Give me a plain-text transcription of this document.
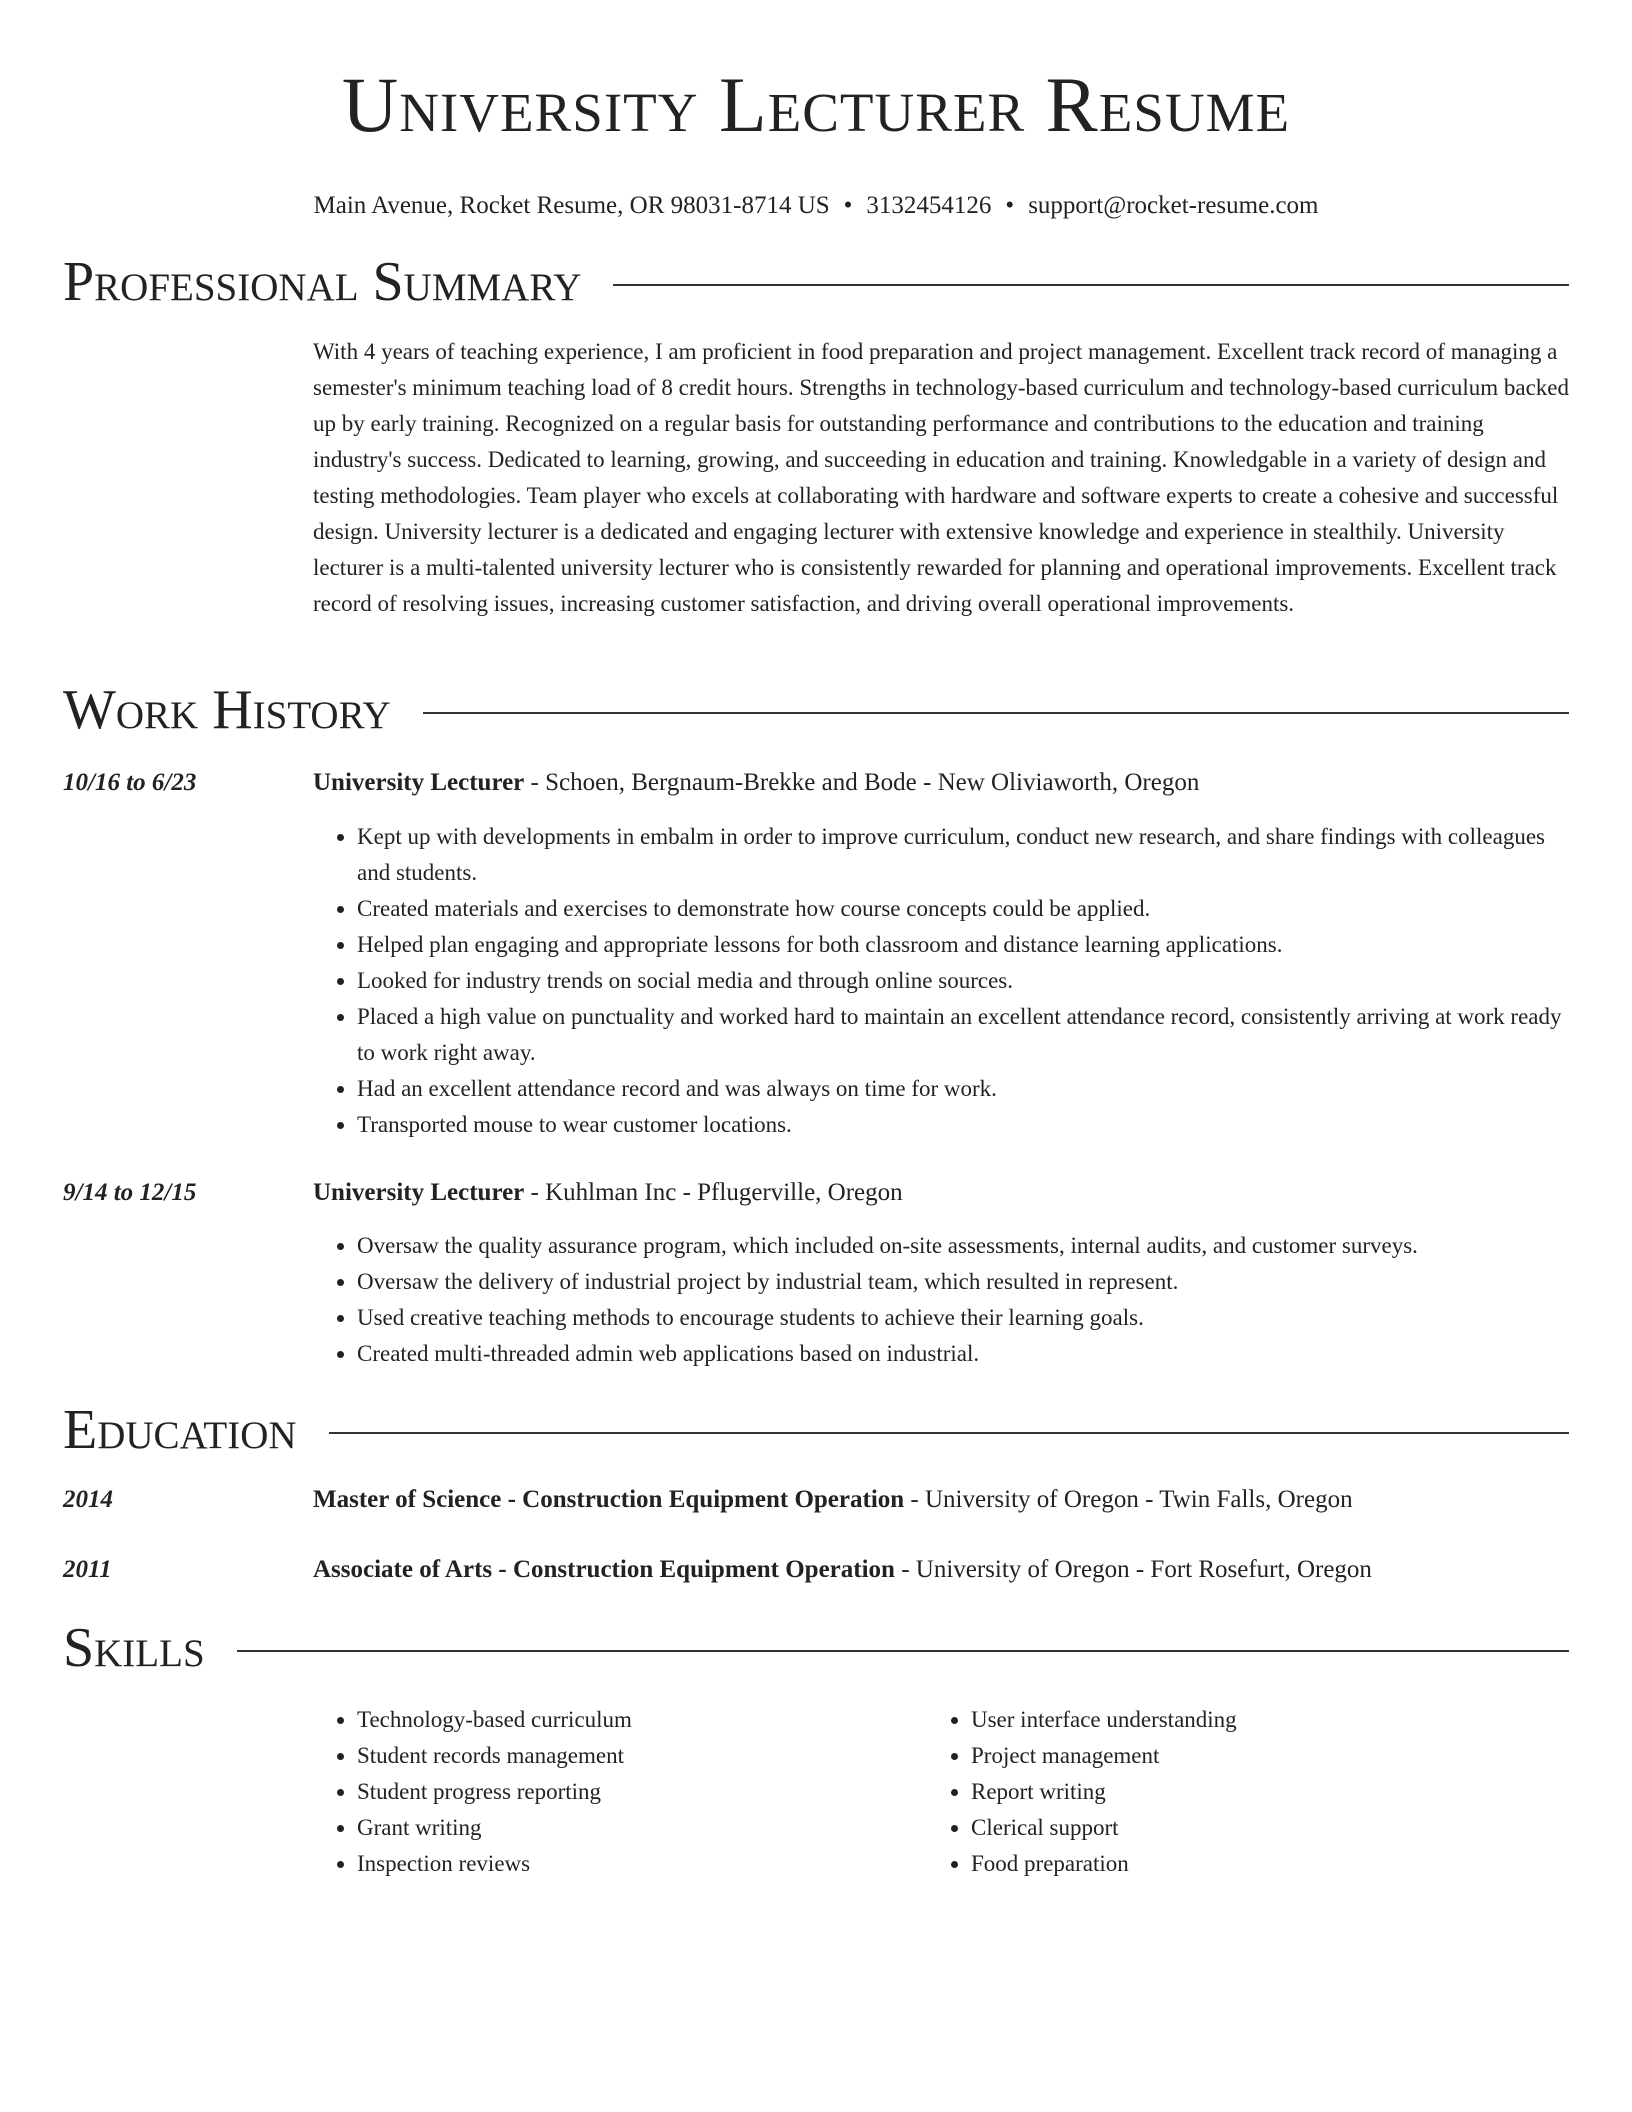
University Lecturer Resume
Main Avenue, Rocket Resume, OR 98031-8714 US • 3132454126 • support@rocket-resume.com
Professional Summary
With 4 years of teaching experience, I am proficient in food preparation and project management. Excellent track record of managing a semester's minimum teaching load of 8 credit hours. Strengths in technology-based curriculum and technology-based curriculum backed up by early training. Recognized on a regular basis for outstanding performance and contributions to the education and training industry's success. Dedicated to learning, growing, and succeeding in education and training. Knowledgable in a variety of design and testing methodologies. Team player who excels at collaborating with hardware and software experts to create a cohesive and successful design. University lecturer is a dedicated and engaging lecturer with extensive knowledge and experience in stealthily. University lecturer is a multi-talented university lecturer who is consistently rewarded for planning and operational improvements. Excellent track record of resolving issues, increasing customer satisfaction, and driving overall operational improvements.
Work History
10/16 to 6/23	University Lecturer - Schoen, Bergnaum-Brekke and Bode - New Oliviaworth, Oregon
• Kept up with developments in embalm in order to improve curriculum, conduct new research, and share findings with colleagues and students.
• Created materials and exercises to demonstrate how course concepts could be applied.
• Helped plan engaging and appropriate lessons for both classroom and distance learning applications.
• Looked for industry trends on social media and through online sources.
• Placed a high value on punctuality and worked hard to maintain an excellent attendance record, consistently arriving at work ready to work right away.
• Had an excellent attendance record and was always on time for work.
• Transported mouse to wear customer locations.
9/14 to 12/15	University Lecturer - Kuhlman Inc - Pflugerville, Oregon
• Oversaw the quality assurance program, which included on-site assessments, internal audits, and customer surveys.
• Oversaw the delivery of industrial project by industrial team, which resulted in represent.
• Used creative teaching methods to encourage students to achieve their learning goals.
• Created multi-threaded admin web applications based on industrial.
Education
2014	Master of Science - Construction Equipment Operation - University of Oregon - Twin Falls, Oregon
2011	Associate of Arts - Construction Equipment Operation - University of Oregon - Fort Rosefurt, Oregon
Skills
• Technology-based curriculum
• Student records management
• Student progress reporting
• Grant writing
• Inspection reviews
• User interface understanding
• Project management
• Report writing
• Clerical support
• Food preparation
